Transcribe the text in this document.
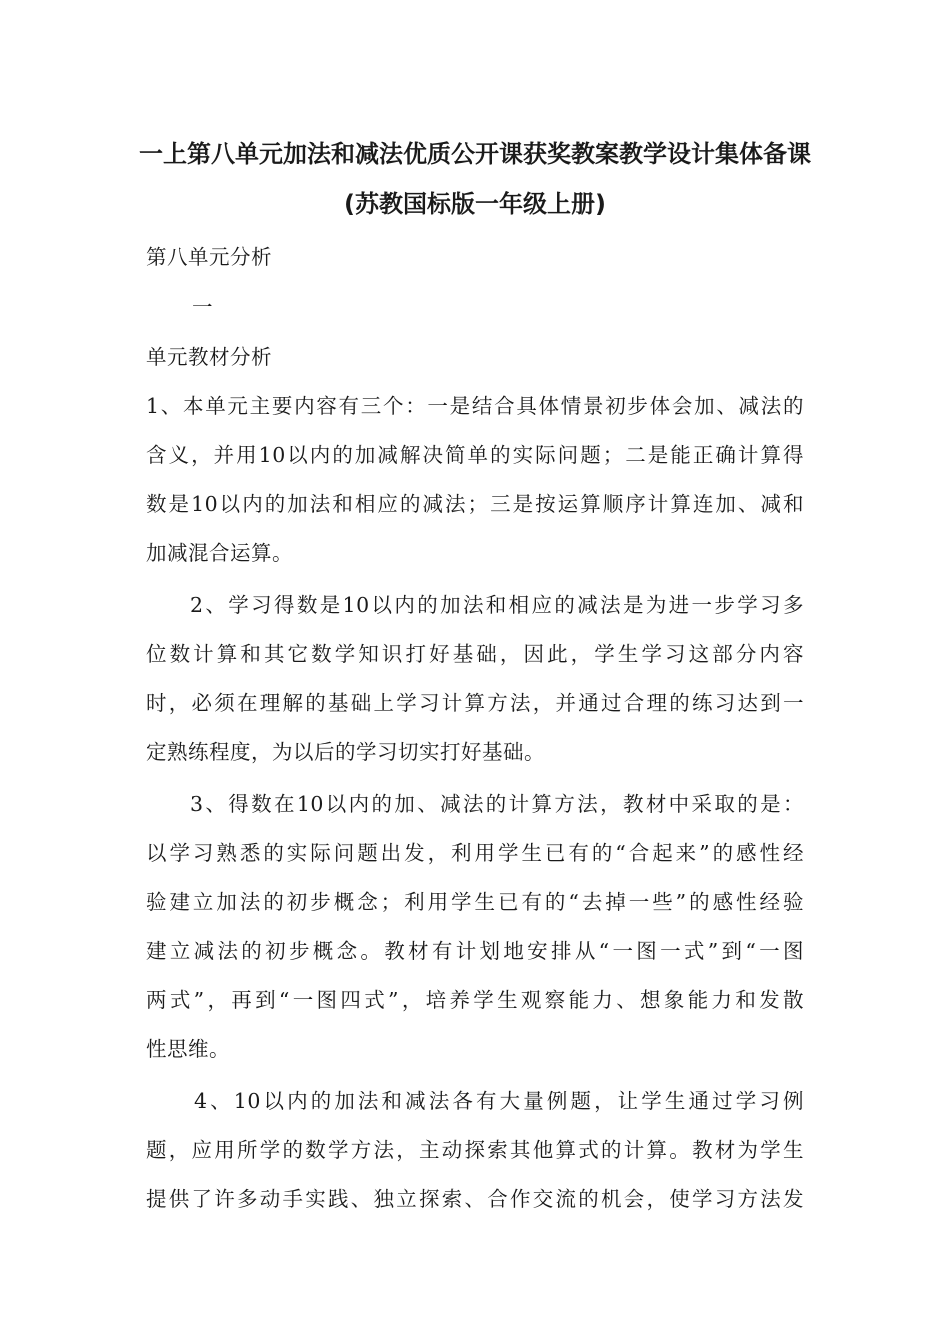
一上第八单元加法和减法优质公开课获奖教案教学设计集体备课
(苏教国标版一年级上册)
第八单元分析
一
单元教材分析
1、本单元主要内容有三个：一是结合具体情景初步体会加、减法的
含义，并用10以内的加减解决简单的实际问题；二是能正确计算得
数是10以内的加法和相应的减法；三是按运算顺序计算连加、减和
加减混合运算。
2、学习得数是10以内的加法和相应的减法是为进一步学习多
位数计算和其它数学知识打好基础，因此，学生学习这部分内容
时，必须在理解的基础上学习计算方法，并通过合理的练习达到一
定熟练程度，为以后的学习切实打好基础。
3、得数在10以内的加、减法的计算方法，教材中采取的是：
以学习熟悉的实际问题出发，利用学生已有的“合起来”的感性经
验建立加法的初步概念；利用学生已有的“去掉一些”的感性经验
建立减法的初步概念。教材有计划地安排从“一图一式”到“一图
两式”，再到“一图四式”，培养学生观察能力、想象能力和发散
性思维。
4、10以内的加法和减法各有大量例题，让学生通过学习例
题，应用所学的数学方法，主动探索其他算式的计算。教材为学生
提供了许多动手实践、独立探索、合作交流的机会，使学习方法发
